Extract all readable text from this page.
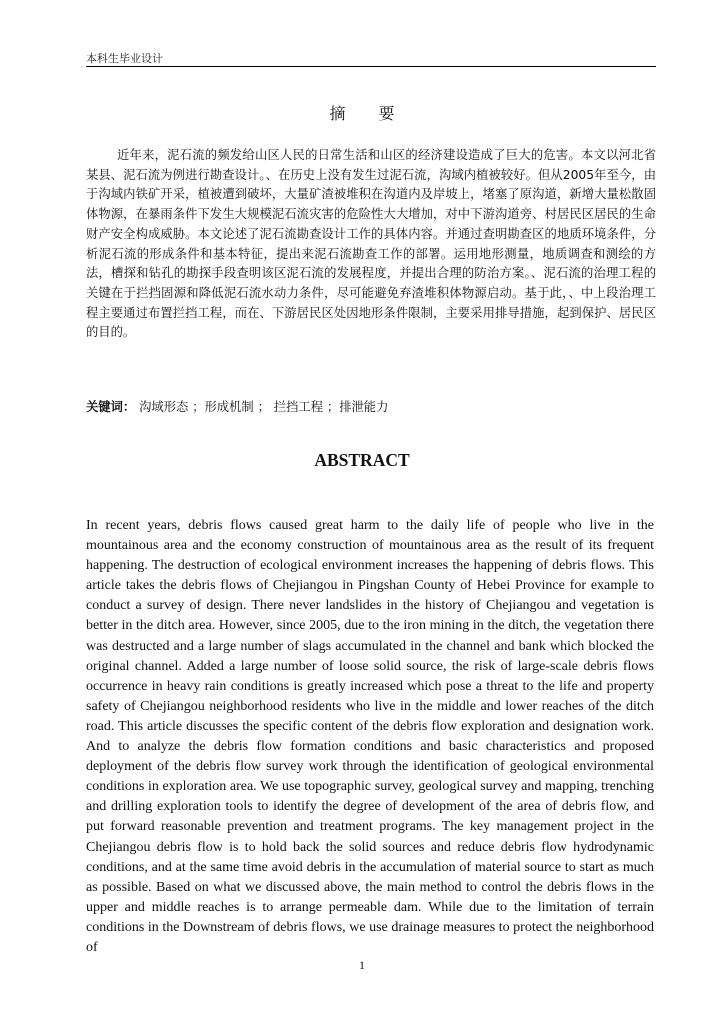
本科生毕业设计
摘 要

近年来，泥石流的频发给山区人民的日常生活和山区的经济建设造成了巨大的危害。本文以河北省某县、泥石流为例进行勘查设计。、在历史上没有发生过泥石流，沟域内植被较好。但从2005年至今，由于沟域内铁矿开采，植被遭到破坏，大量矿渣被堆积在沟道内及岸坡上，堵塞了原沟道，新增大量松散固体物源，在暴雨条件下发生大规模泥石流灾害的危险性大大增加，对中下游沟道旁、村居民区居民的生命财产安全构成威胁。本文论述了泥石流勘查设计工作的具体内容。并通过查明勘查区的地质环境条件，分析泥石流的形成条件和基本特征，提出来泥石流勘查工作的部署。运用地形测量，地质调查和测绘的方法，槽探和钻孔的勘探手段查明该区泥石流的发展程度，并提出合理的防治方案。、泥石流的治理工程的关键在于拦挡固源和降低泥石流水动力条件，尽可能避免弃渣堆积体物源启动。基于此，、中上段治理工程主要通过布置拦挡工程，而在、下游居民区处因地形条件限制，主要采用排导措施，起到保护、居民区的目的。

关键词： 沟域形态 ；形成机制 ； 拦挡工程 ；排泄能力
ABSTRACT

In recent years, debris flows caused great harm to the daily life of people who live in the mountainous area and the economy construction of mountainous area as the result of its frequent happening. The destruction of ecological environment increases the happening of debris flows. This article takes the debris flows of Chejiangou in Pingshan County of Hebei Province for example to conduct a survey of design. There never landslides in the history of Chejiangou and vegetation is better in the ditch area. However, since 2005, due to the iron mining in the ditch, the vegetation there was destructed and a large number of slags accumulated in the channel and bank which blocked the original channel. Added a large number of loose solid source, the risk of large-scale debris flows occurrence in heavy rain conditions is greatly increased which pose a threat to the life and property safety of Chejiangou neighborhood residents who live in the middle and lower reaches of the ditch road. This article discusses the specific content of the debris flow exploration and designation work. And to analyze the debris flow formation conditions and basic characteristics and proposed deployment of the debris flow survey work through the identification of geological environmental conditions in exploration area. We use topographic survey, geological survey and mapping, trenching and drilling exploration tools to identify the degree of development of the area of debris flow, and put forward reasonable prevention and treatment programs. The key management project in the Chejiangou debris flow is to hold back the solid sources and reduce debris flow hydrodynamic conditions, and at the same time avoid debris in the accumulation of material source to start as much as possible. Based on what we discussed above, the main method to control the debris flows in the upper and middle reaches is to arrange permeable dam. While due to the limitation of terrain conditions in the Downstream of debris flows, we use drainage measures to protect the neighborhood of

1
